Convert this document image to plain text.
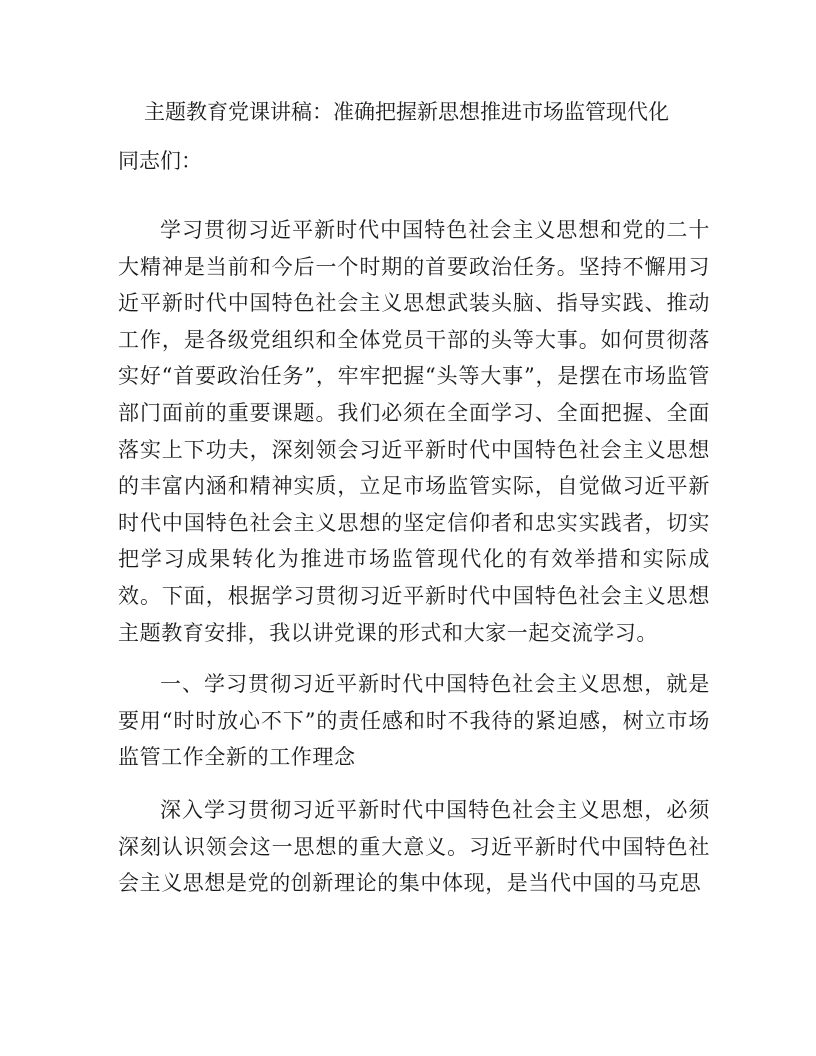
主题教育党课讲稿：准确把握新思想推进市场监管现代化
同志们：

学习贯彻习近平新时代中国特色社会主义思想和党的二十大精神是当前和今后一个时期的首要政治任务。坚持不懈用习近平新时代中国特色社会主义思想武装头脑、指导实践、推动工作，是各级党组织和全体党员干部的头等大事。如何贯彻落实好“首要政治任务”，牢牢把握“头等大事”，是摆在市场监管部门面前的重要课题。我们必须在全面学习、全面把握、全面落实上下功夫，深刻领会习近平新时代中国特色社会主义思想的丰富内涵和精神实质，立足市场监管实际，自觉做习近平新时代中国特色社会主义思想的坚定信仰者和忠实实践者，切实把学习成果转化为推进市场监管现代化的有效举措和实际成效。下面，根据学习贯彻习近平新时代中国特色社会主义思想主题教育安排，我以讲党课的形式和大家一起交流学习。

一、学习贯彻习近平新时代中国特色社会主义思想，就是要用“时时放心不下”的责任感和时不我待的紧迫感，树立市场监管工作全新的工作理念

深入学习贯彻习近平新时代中国特色社会主义思想，必须深刻认识领会这一思想的重大意义。习近平新时代中国特色社会主义思想是党的创新理论的集中体现，是当代中国的马克思
